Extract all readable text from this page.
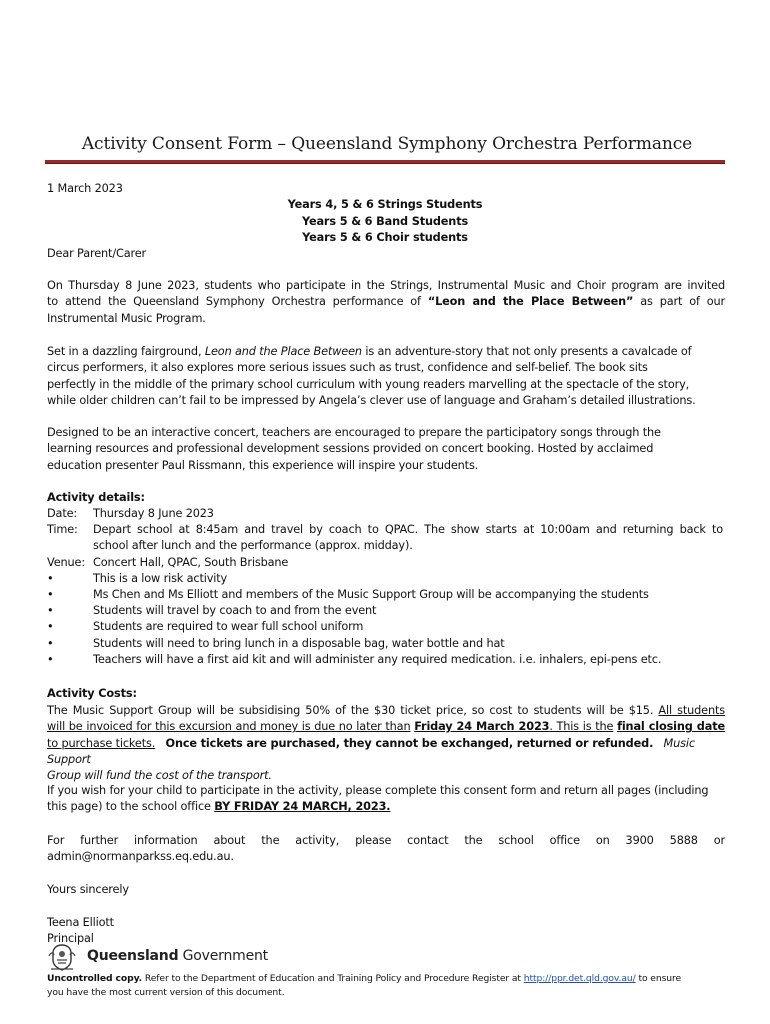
Activity Consent Form – Queensland Symphony Orchestra Performance
1 March 2023
Years 4, 5 & 6 Strings Students
Years 5 & 6 Band Students
Years 5 & 6 Choir students
Dear Parent/Carer
On Thursday 8 June 2023, students who participate in the Strings, Instrumental Music and Choir program are invited
to attend the Queensland Symphony Orchestra performance of “Leon and the Place Between” as part of our
Instrumental Music Program.
Set in a dazzling fairground, Leon and the Place Between is an adventure-story that not only presents a cavalcade of
circus performers, it also explores more serious issues such as trust, confidence and self-belief. The book sits
perfectly in the middle of the primary school curriculum with young readers marvelling at the spectacle of the story,
while older children can’t fail to be impressed by Angela’s clever use of language and Graham’s detailed illustrations.
Designed to be an interactive concert, teachers are encouraged to prepare the participatory songs through the
learning resources and professional development sessions provided on concert booking. Hosted by acclaimed
education presenter Paul Rissmann, this experience will inspire your students.
Activity details:
Date: Thursday 8 June 2023
Time: Depart school at 8:45am and travel by coach to QPAC. The show starts at 10:00am and returning back to
school after lunch and the performance (approx. midday).
Venue: Concert Hall, QPAC, South Brisbane
•	This is a low risk activity
•	Ms Chen and Ms Elliott and members of the Music Support Group will be accompanying the students
•	Students will travel by coach to and from the event
•	Students are required to wear full school uniform
•	Students will need to bring lunch in a disposable bag, water bottle and hat
•	Teachers will have a first aid kit and will administer any required medication. i.e. inhalers, epi-pens etc.
Activity Costs:
The Music Support Group will be subsidising 50% of the $30 ticket price, so cost to students will be $15. All students
will be invoiced for this excursion and money is due no later than Friday 24 March 2023. This is the final closing date
to purchase tickets. Once tickets are purchased, they cannot be exchanged, returned or refunded. Music Support
Group will fund the cost of the transport.
If you wish for your child to participate in the activity, please complete this consent form and return all pages (including
this page) to the school office BY FRIDAY 24 MARCH, 2023.
For further information about the activity, please contact the school office on 3900 5888 or
admin@normanparkss.eq.edu.au.
Yours sincerely
Teena Elliott
Principal
Queensland Government
Uncontrolled copy. Refer to the Department of Education and Training Policy and Procedure Register at http://ppr.det.qld.gov.au/ to ensure
you have the most current version of this document.
